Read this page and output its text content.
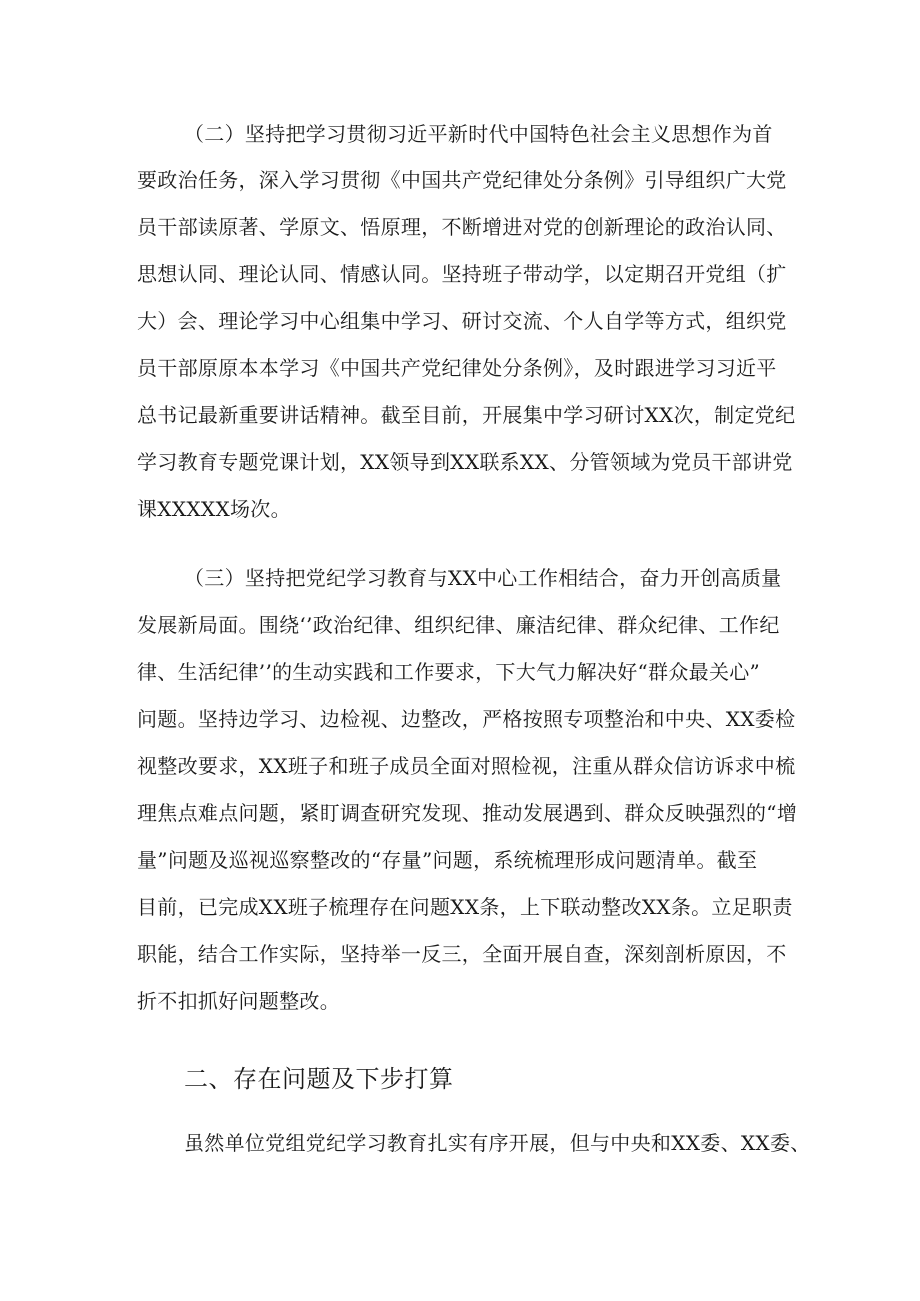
（二）坚持把学习贯彻习近平新时代中国特色社会主义思想作为首

要政治任务，深入学习贯彻《中国共产党纪律处分条例》引导组织广大党

员干部读原著、学原文、悟原理，不断增进对党的创新理论的政治认同、

思想认同、理论认同、情感认同。坚持班子带动学，以定期召开党组（扩

大）会、理论学习中心组集中学习、研讨交流、个人自学等方式，组织党

员干部原原本本学习《中国共产党纪律处分条例》，及时跟进学习习近平

总书记最新重要讲话精神。截至目前，开展集中学习研讨XX次，制定党纪

学习教育专题党课计划，XX领导到XX联系XX、分管领域为党员干部讲党

课XXXXX场次。

（三）坚持把党纪学习教育与XX中心工作相结合，奋力开创高质量

发展新局面。围绕‘’政治纪律、组织纪律、廉洁纪律、群众纪律、工作纪

律、生活纪律’’的生动实践和工作要求，下大气力解决好“群众最关心”

问题。坚持边学习、边检视、边整改，严格按照专项整治和中央、XX委检

视整改要求，XX班子和班子成员全面对照检视，注重从群众信访诉求中梳

理焦点难点问题，紧盯调查研究发现、推动发展遇到、群众反映强烈的“增

量”问题及巡视巡察整改的“存量”问题，系统梳理形成问题清单。截至

目前，已完成XX班子梳理存在问题XX条，上下联动整改XX条。立足职责

职能，结合工作实际，坚持举一反三，全面开展自查，深刻剖析原因，不

折不扣抓好问题整改。

二、存在问题及下步打算

虽然单位党组党纪学习教育扎实有序开展，但与中央和XX委、XX委、
